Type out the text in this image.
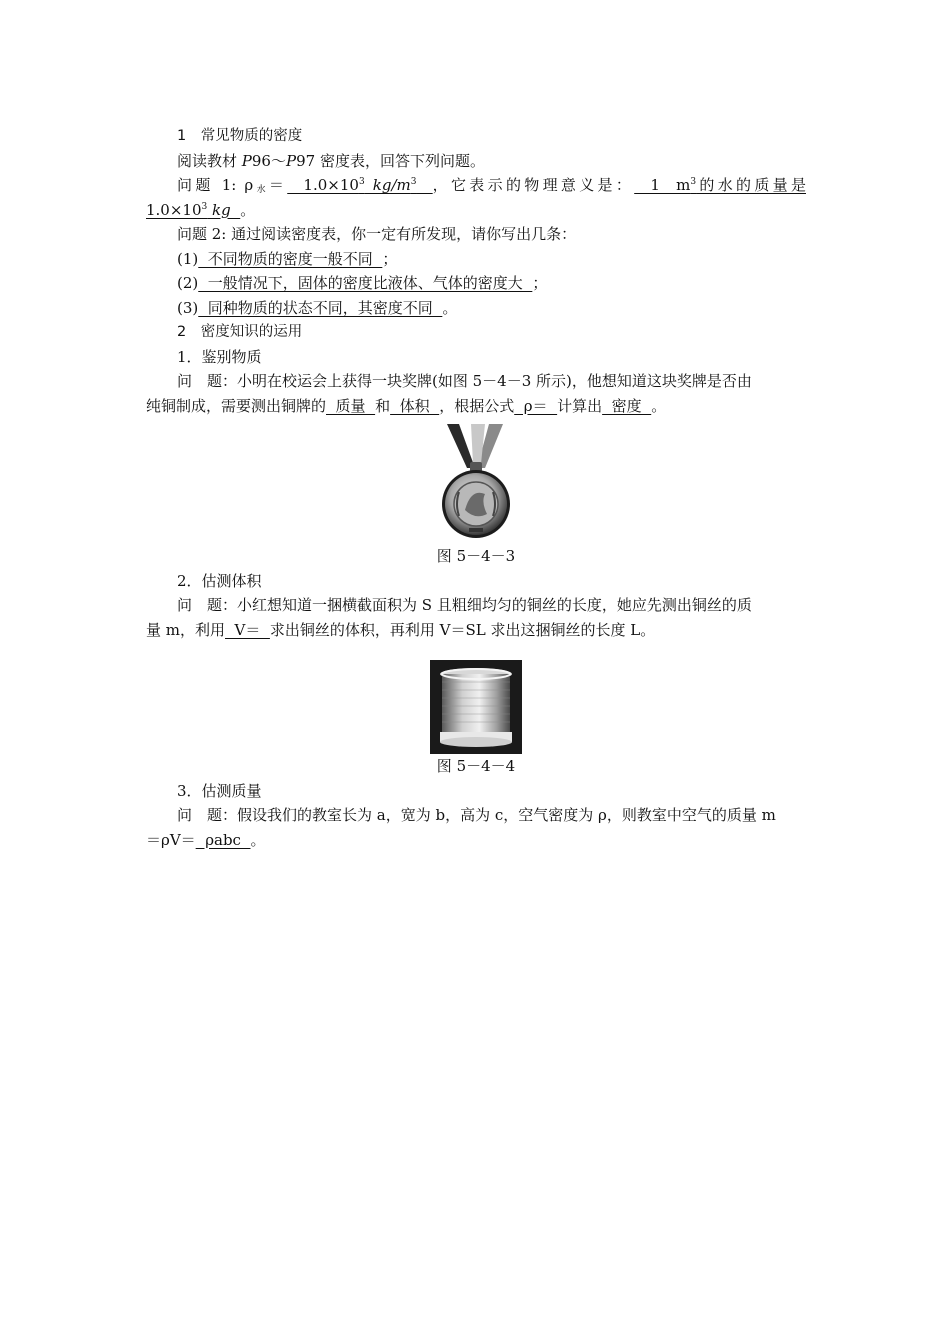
1　 常见物质的密度
阅读教材 P96～P97 密度表，回答下列问题。
问题 1: $\rho_水= 1.0\times 10^3$ $kg/m^3$ ，它表示的物理意义是：  1  $m^3$的水的质量是
$1.0\times 10^3$ kg  。
问题 2: 通过阅读密度表，你一定有所发现，请你写出几条：
(1)  不同物质的密度一般不同  ；
(2)  一般情况下，固体的密度比液体、气体的密度大  ；
(3)  同种物质的状态不同，其密度不同  。
2　 密度知识的运用
1．鉴别物质
问　题：小明在校运会上获得一块奖牌(如图 5－4－3 所示)，他想知道这块奖牌是否由
纯铜制成，需要测出铜牌的  质量  和  体积  ，根据公式  ρ＝  计算出  密度  。
图 5－4－3
2．估测体积
问　题：小红想知道一捆横截面积为 S 且粗细均匀的铜丝的长度，她应先测出铜丝的质
量 m，利用  V＝  求出铜丝的体积，再利用 V＝SL 求出这捆铜丝的长度 L。
图 5－4－4
3．估测质量
问　题：假设我们的教室长为 a，宽为 b，高为 c，空气密度为 ρ，则教室中空气的质量 m
＝ρV＝  ρabc  。
